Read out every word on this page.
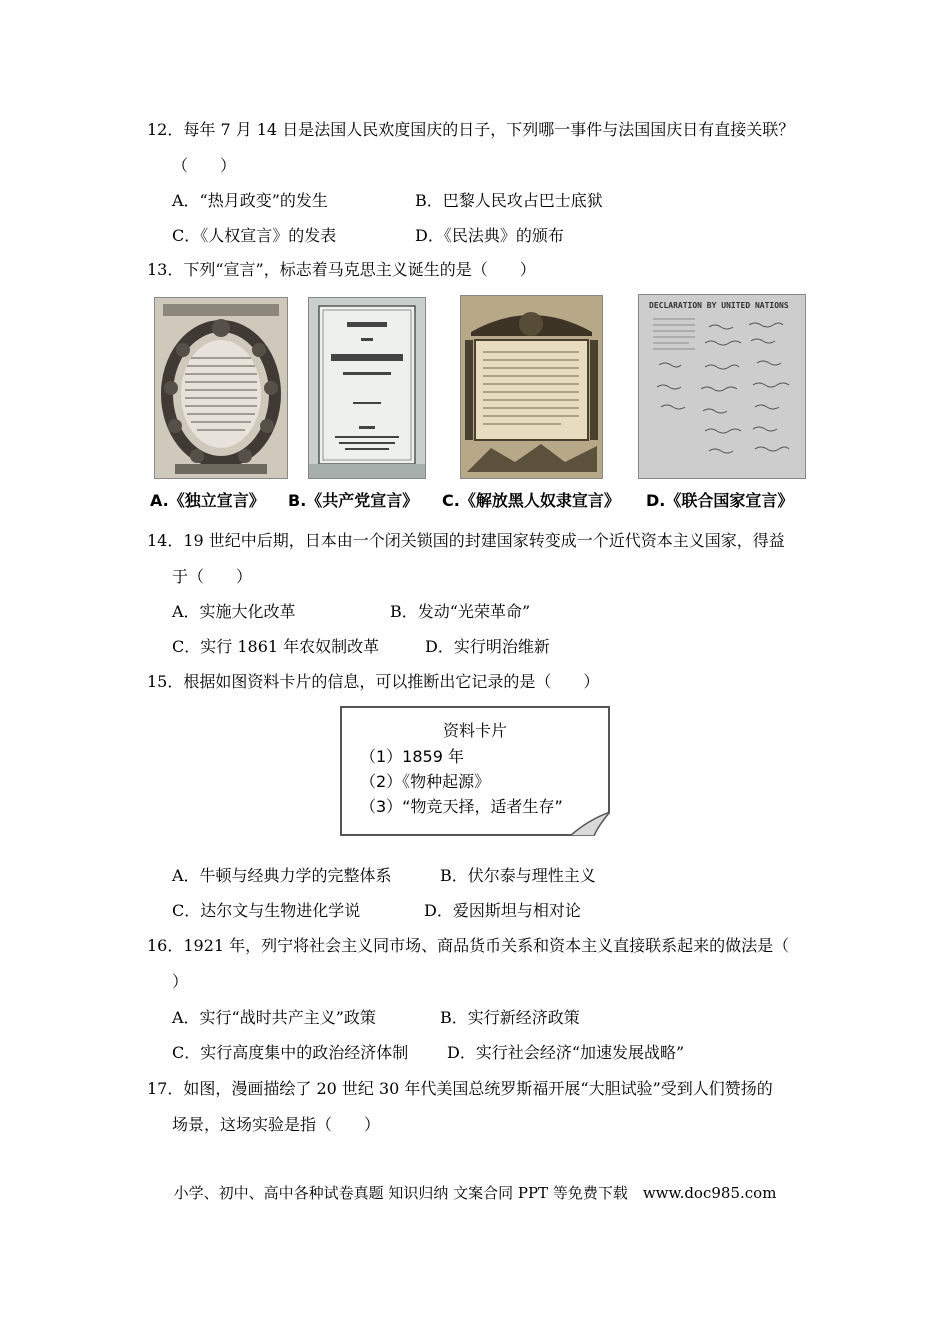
12．每年 7 月 14 日是法国人民欢度国庆的日子，下列哪一事件与法国国庆日有直接关联？
（　　）
A．“热月政变”的发生	B．巴黎人民攻占巴士底狱
C．《人权宣言》的发表	D．《民法典》的颁布
13．下列“宣言”，标志着马克思主义诞生的是（　　）
DECLARATION BY UNITED NATIONS
A.《独立宣言》 B.《共产党宣言》 C.《解放黑人奴隶宣言》 D.《联合国家宣言》
14．19 世纪中后期，日本由一个闭关锁国的封建国家转变成一个近代资本主义国家，得益
于（　　）
A．实施大化改革	B．发动“光荣革命”
C．实行 1861 年农奴制改革	D．实行明治维新
15．根据如图资料卡片的信息，可以推断出它记录的是（　　）
资料卡片
（1）1859 年
（2）《物种起源》
（3）“物竞天择，适者生存”
A．牛顿与经典力学的完整体系	B．伏尔泰与理性主义
C．达尔文与生物进化学说	D．爱因斯坦与相对论
16．1921 年，列宁将社会主义同市场、商品货币关系和资本主义直接联系起来的做法是（
）
A．实行“战时共产主义”政策	B．实行新经济政策
C．实行高度集中的政治经济体制 D．实行社会经济“加速发展战略”
17．如图，漫画描绘了 20 世纪 30 年代美国总统罗斯福开展“大胆试验”受到人们赞扬的
场景，这场实验是指（　　）
小学、初中、高中各种试卷真题 知识归纳 文案合同 PPT 等免费下载　www.doc985.com
